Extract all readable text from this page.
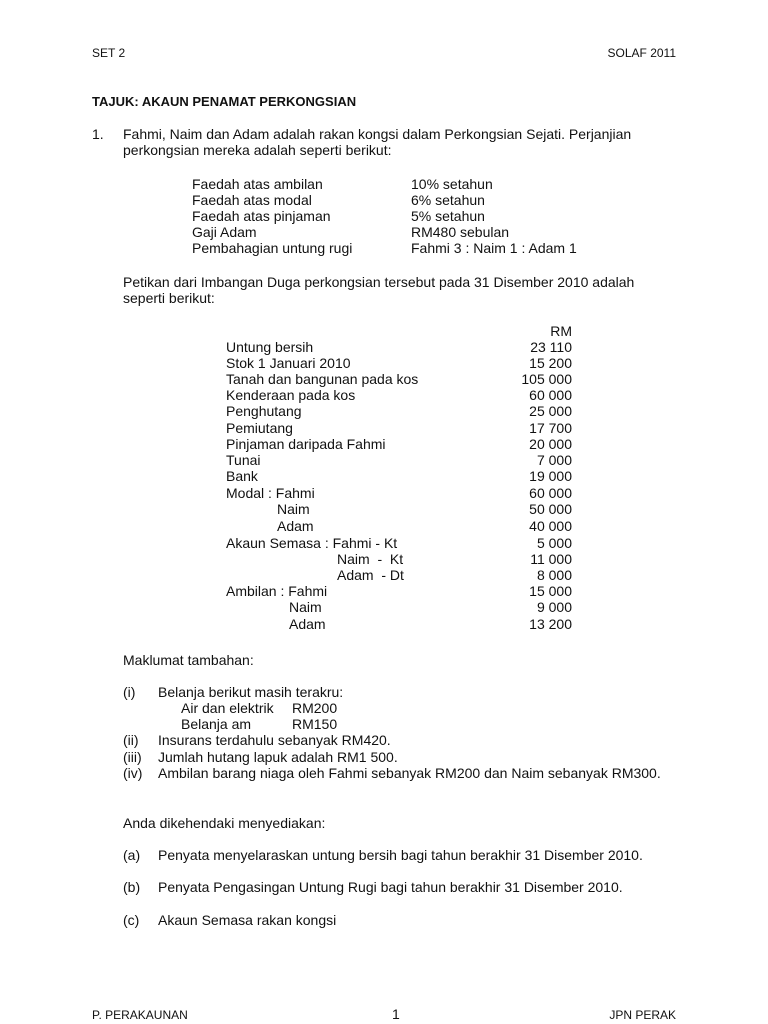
SET 2	SOLAF 2011
TAJUK: AKAUN PENAMAT PERKONGSIAN
1. Fahmi, Naim dan Adam adalah rakan kongsi dalam Perkongsian Sejati. Perjanjian
perkongsian mereka adalah seperti berikut:
Faedah atas ambilan	10% setahun
Faedah atas modal	6% setahun
Faedah atas pinjaman	5% setahun
Gaji Adam	RM480 sebulan
Pembahagian untung rugi	Fahmi 3 : Naim 1 : Adam 1
Petikan dari Imbangan Duga perkongsian tersebut pada 31 Disember 2010 adalah
seperti berikut:
RM
Untung bersih	23 110
Stok 1 Januari 2010	15 200
Tanah dan bangunan pada kos	105 000
Kenderaan pada kos	60 000
Penghutang	25 000
Pemiutang	17 700
Pinjaman daripada Fahmi	20 000
Tunai	7 000
Bank	19 000
Modal : Fahmi	60 000
Naim	50 000
Adam	40 000
Akaun Semasa : Fahmi - Kt	5 000
Naim  -  Kt	11 000
Adam  - Dt	8 000
Ambilan : Fahmi	15 000
Naim	9 000
Adam	13 200
Maklumat tambahan:
(i) Belanja berikut masih terakru:
Air dan elektrik RM200
Belanja am	RM150
(ii) Insurans terdahulu sebanyak RM420.
(iii) Jumlah hutang lapuk adalah RM1 500.
(iv) Ambilan barang niaga oleh Fahmi sebanyak RM200 dan Naim sebanyak RM300.
Anda dikehendaki menyediakan:
(a) Penyata menyelaraskan untung bersih bagi tahun berakhir 31 Disember 2010.
(b) Penyata Pengasingan Untung Rugi bagi tahun berakhir 31 Disember 2010.
(c) Akaun Semasa rakan kongsi
P. PERAKAUNAN	1	JPN PERAK
